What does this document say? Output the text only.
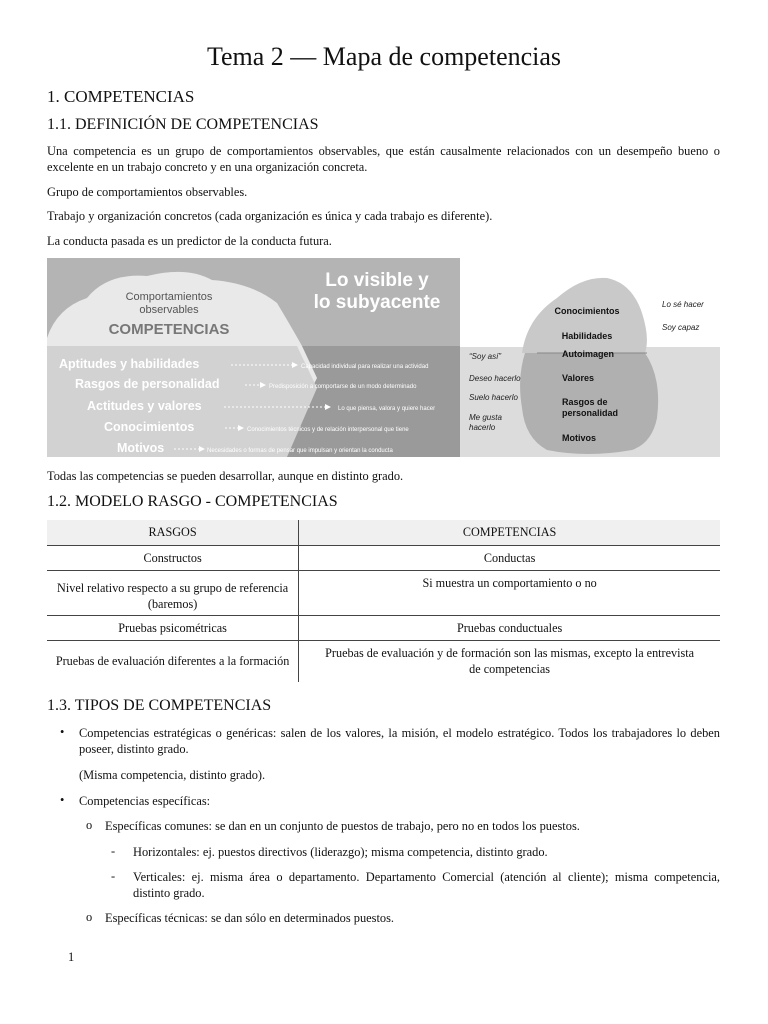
Tema 2 — Mapa de competencias
1. COMPETENCIAS
1.1. DEFINICIÓN DE COMPETENCIAS
Una competencia es un grupo de comportamientos observables, que están causalmente relacionados con un desempeño bueno o excelente en un trabajo concreto y en una organización concreta.
Grupo de comportamientos observables.
Trabajo y organización concretos (cada organización es única y cada trabajo es diferente).
La conducta pasada es un predictor de la conducta futura.
Comportamientos
observables
COMPETENCIAS
Lo visible y
lo subyacente
Aptitudes y habilidades	Capacidad individual para realizar una actividad
Rasgos de personalidad	Predisposición a comportarse de un modo determinado
Actitudes y valores	Lo que piensa, valora y quiere hacer
Conocimientos	Conocimientos técnicos y de relación interpersonal que tiene
Motivos	Necesidades o formas de pensar que impulsan y orientan la conducta
Conocimientos
Habilidades
Autoimagen
Valores
Rasgos de
personalidad
Motivos
Lo sé hacer
Soy capaz
“Soy así”
Deseo hacerlo
Suelo hacerlo
Me gusta
hacerlo
Todas las competencias se pueden desarrollar, aunque en distinto grado.
1.2. MODELO RASGO - COMPETENCIAS
RASGOS	COMPETENCIAS
Constructos	Conductas
Nivel relativo respecto a su grupo de referencia (baremos)	Si muestra un comportamiento o no
Pruebas psicométricas	Pruebas conductuales
Pruebas de evaluación diferentes a la formación	Pruebas de evaluación y de formación son las mismas, excepto la entrevista de competencias
1.3. TIPOS DE COMPETENCIAS
• Competencias estratégicas o genéricas: salen de los valores, la misión, el modelo estratégico. Todos los trabajadores lo deben poseer, distinto grado.
(Misma competencia, distinto grado).
• Competencias específicas:
o Específicas comunes: se dan en un conjunto de puestos de trabajo, pero no en todos los puestos.
- Horizontales: ej. puestos directivos (liderazgo); misma competencia, distinto grado.
- Verticales: ej. misma área o departamento. Departamento Comercial (atención al cliente); misma competencia, distinto grado.
o Específicas técnicas: se dan sólo en determinados puestos.
1
